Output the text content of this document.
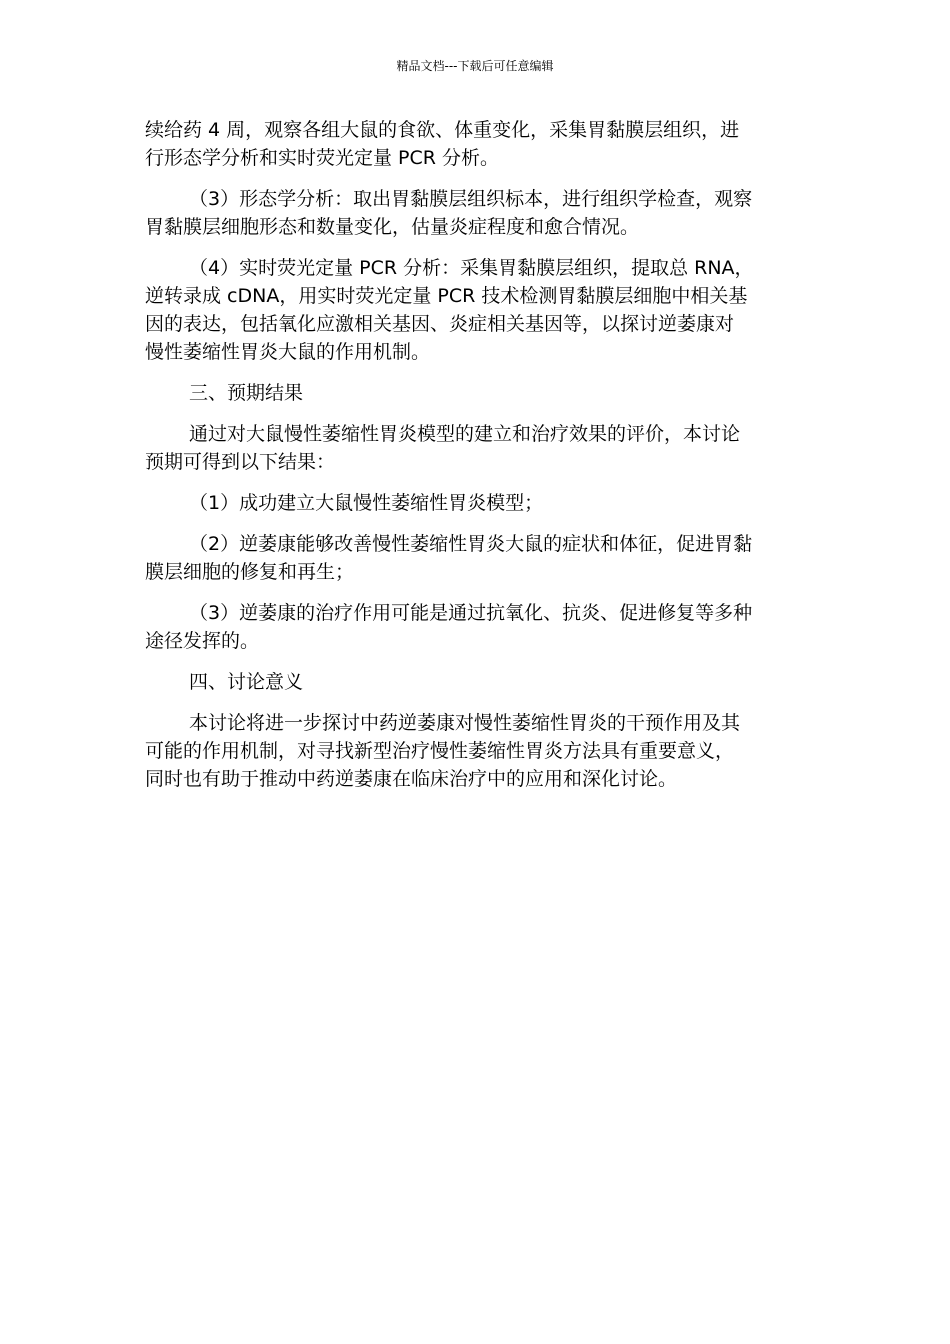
精品文档---下载后可任意编辑

续给药 4 周，观察各组大鼠的食欲、体重变化，采集胃黏膜层组织，进
行形态学分析和实时荧光定量 PCR 分析。

（3）形态学分析：取出胃黏膜层组织标本，进行组织学检查，观察
胃黏膜层细胞形态和数量变化，估量炎症程度和愈合情况。

（4）实时荧光定量 PCR 分析：采集胃黏膜层组织，提取总 RNA，
逆转录成 cDNA，用实时荧光定量 PCR 技术检测胃黏膜层细胞中相关基
因的表达，包括氧化应激相关基因、炎症相关基因等，以探讨逆萎康对
慢性萎缩性胃炎大鼠的作用机制。

三、预期结果

通过对大鼠慢性萎缩性胃炎模型的建立和治疗效果的评价，本讨论
预期可得到以下结果：

（1）成功建立大鼠慢性萎缩性胃炎模型；

（2）逆萎康能够改善慢性萎缩性胃炎大鼠的症状和体征，促进胃黏
膜层细胞的修复和再生；

（3）逆萎康的治疗作用可能是通过抗氧化、抗炎、促进修复等多种
途径发挥的。

四、讨论意义

本讨论将进一步探讨中药逆萎康对慢性萎缩性胃炎的干预作用及其
可能的作用机制，对寻找新型治疗慢性萎缩性胃炎方法具有重要意义，
同时也有助于推动中药逆萎康在临床治疗中的应用和深化讨论。
